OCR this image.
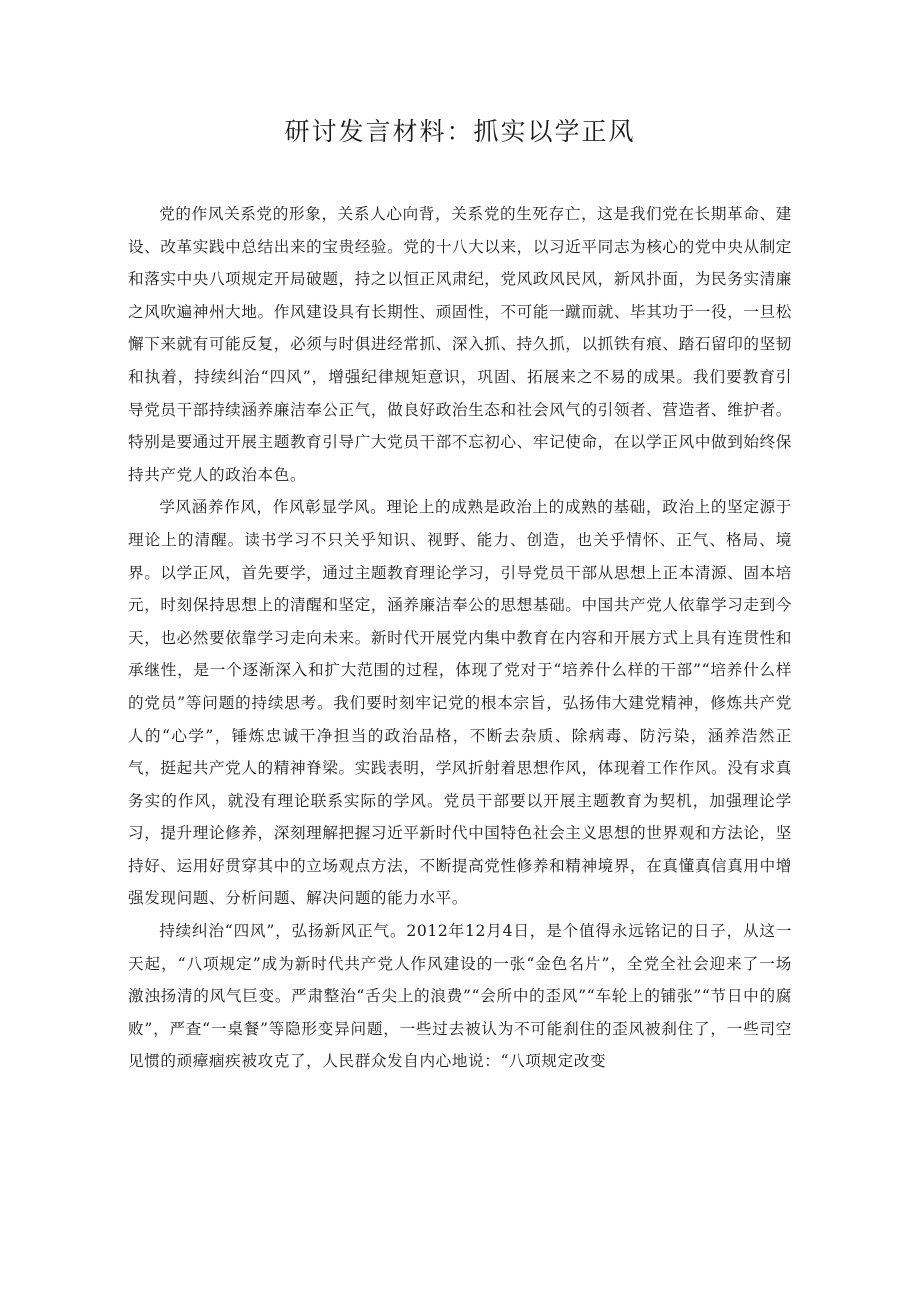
研讨发言材料：抓实以学正风

党的作风关系党的形象，关系人心向背，关系党的生死存亡，这是我们党在长期革命、建设、改革实践中总结出来的宝贵经验。党的十八大以来，以习近平同志为核心的党中央从制定和落实中央八项规定开局破题，持之以恒正风肃纪，党风政风民风，新风扑面，为民务实清廉之风吹遍神州大地。作风建设具有长期性、顽固性，不可能一蹴而就、毕其功于一役，一旦松懈下来就有可能反复，必须与时俱进经常抓、深入抓、持久抓，以抓铁有痕、踏石留印的坚韧和执着，持续纠治“四风”，增强纪律规矩意识，巩固、拓展来之不易的成果。我们要教育引导党员干部持续涵养廉洁奉公正气，做良好政治生态和社会风气的引领者、营造者、维护者。特别是要通过开展主题教育引导广大党员干部不忘初心、牢记使命，在以学正风中做到始终保持共产党人的政治本色。

学风涵养作风，作风彰显学风。理论上的成熟是政治上的成熟的基础，政治上的坚定源于理论上的清醒。读书学习不只关乎知识、视野、能力、创造，也关乎情怀、正气、格局、境界。以学正风，首先要学，通过主题教育理论学习，引导党员干部从思想上正本清源、固本培元，时刻保持思想上的清醒和坚定，涵养廉洁奉公的思想基础。中国共产党人依靠学习走到今天，也必然要依靠学习走向未来。新时代开展党内集中教育在内容和开展方式上具有连贯性和承继性，是一个逐渐深入和扩大范围的过程，体现了党对于“培养什么样的干部”“培养什么样的党员”等问题的持续思考。我们要时刻牢记党的根本宗旨，弘扬伟大建党精神，修炼共产党人的“心学”，锤炼忠诚干净担当的政治品格，不断去杂质、除病毒、防污染，涵养浩然正气，挺起共产党人的精神脊梁。实践表明，学风折射着思想作风，体现着工作作风。没有求真务实的作风，就没有理论联系实际的学风。党员干部要以开展主题教育为契机，加强理论学习，提升理论修养，深刻理解把握习近平新时代中国特色社会主义思想的世界观和方法论，坚持好、运用好贯穿其中的立场观点方法，不断提高党性修养和精神境界，在真懂真信真用中增强发现问题、分析问题、解决问题的能力水平。

持续纠治“四风”，弘扬新风正气。2012年12月4日，是个值得永远铭记的日子，从这一天起，“八项规定”成为新时代共产党人作风建设的一张“金色名片”，全党全社会迎来了一场激浊扬清的风气巨变。严肃整治“舌尖上的浪费”“会所中的歪风”“车轮上的铺张”“节日中的腐败”，严查“一桌餐”等隐形变异问题，一些过去被认为不可能刹住的歪风被刹住了，一些司空见惯的顽瘴痼疾被攻克了，人民群众发自内心地说：“八项规定改变
